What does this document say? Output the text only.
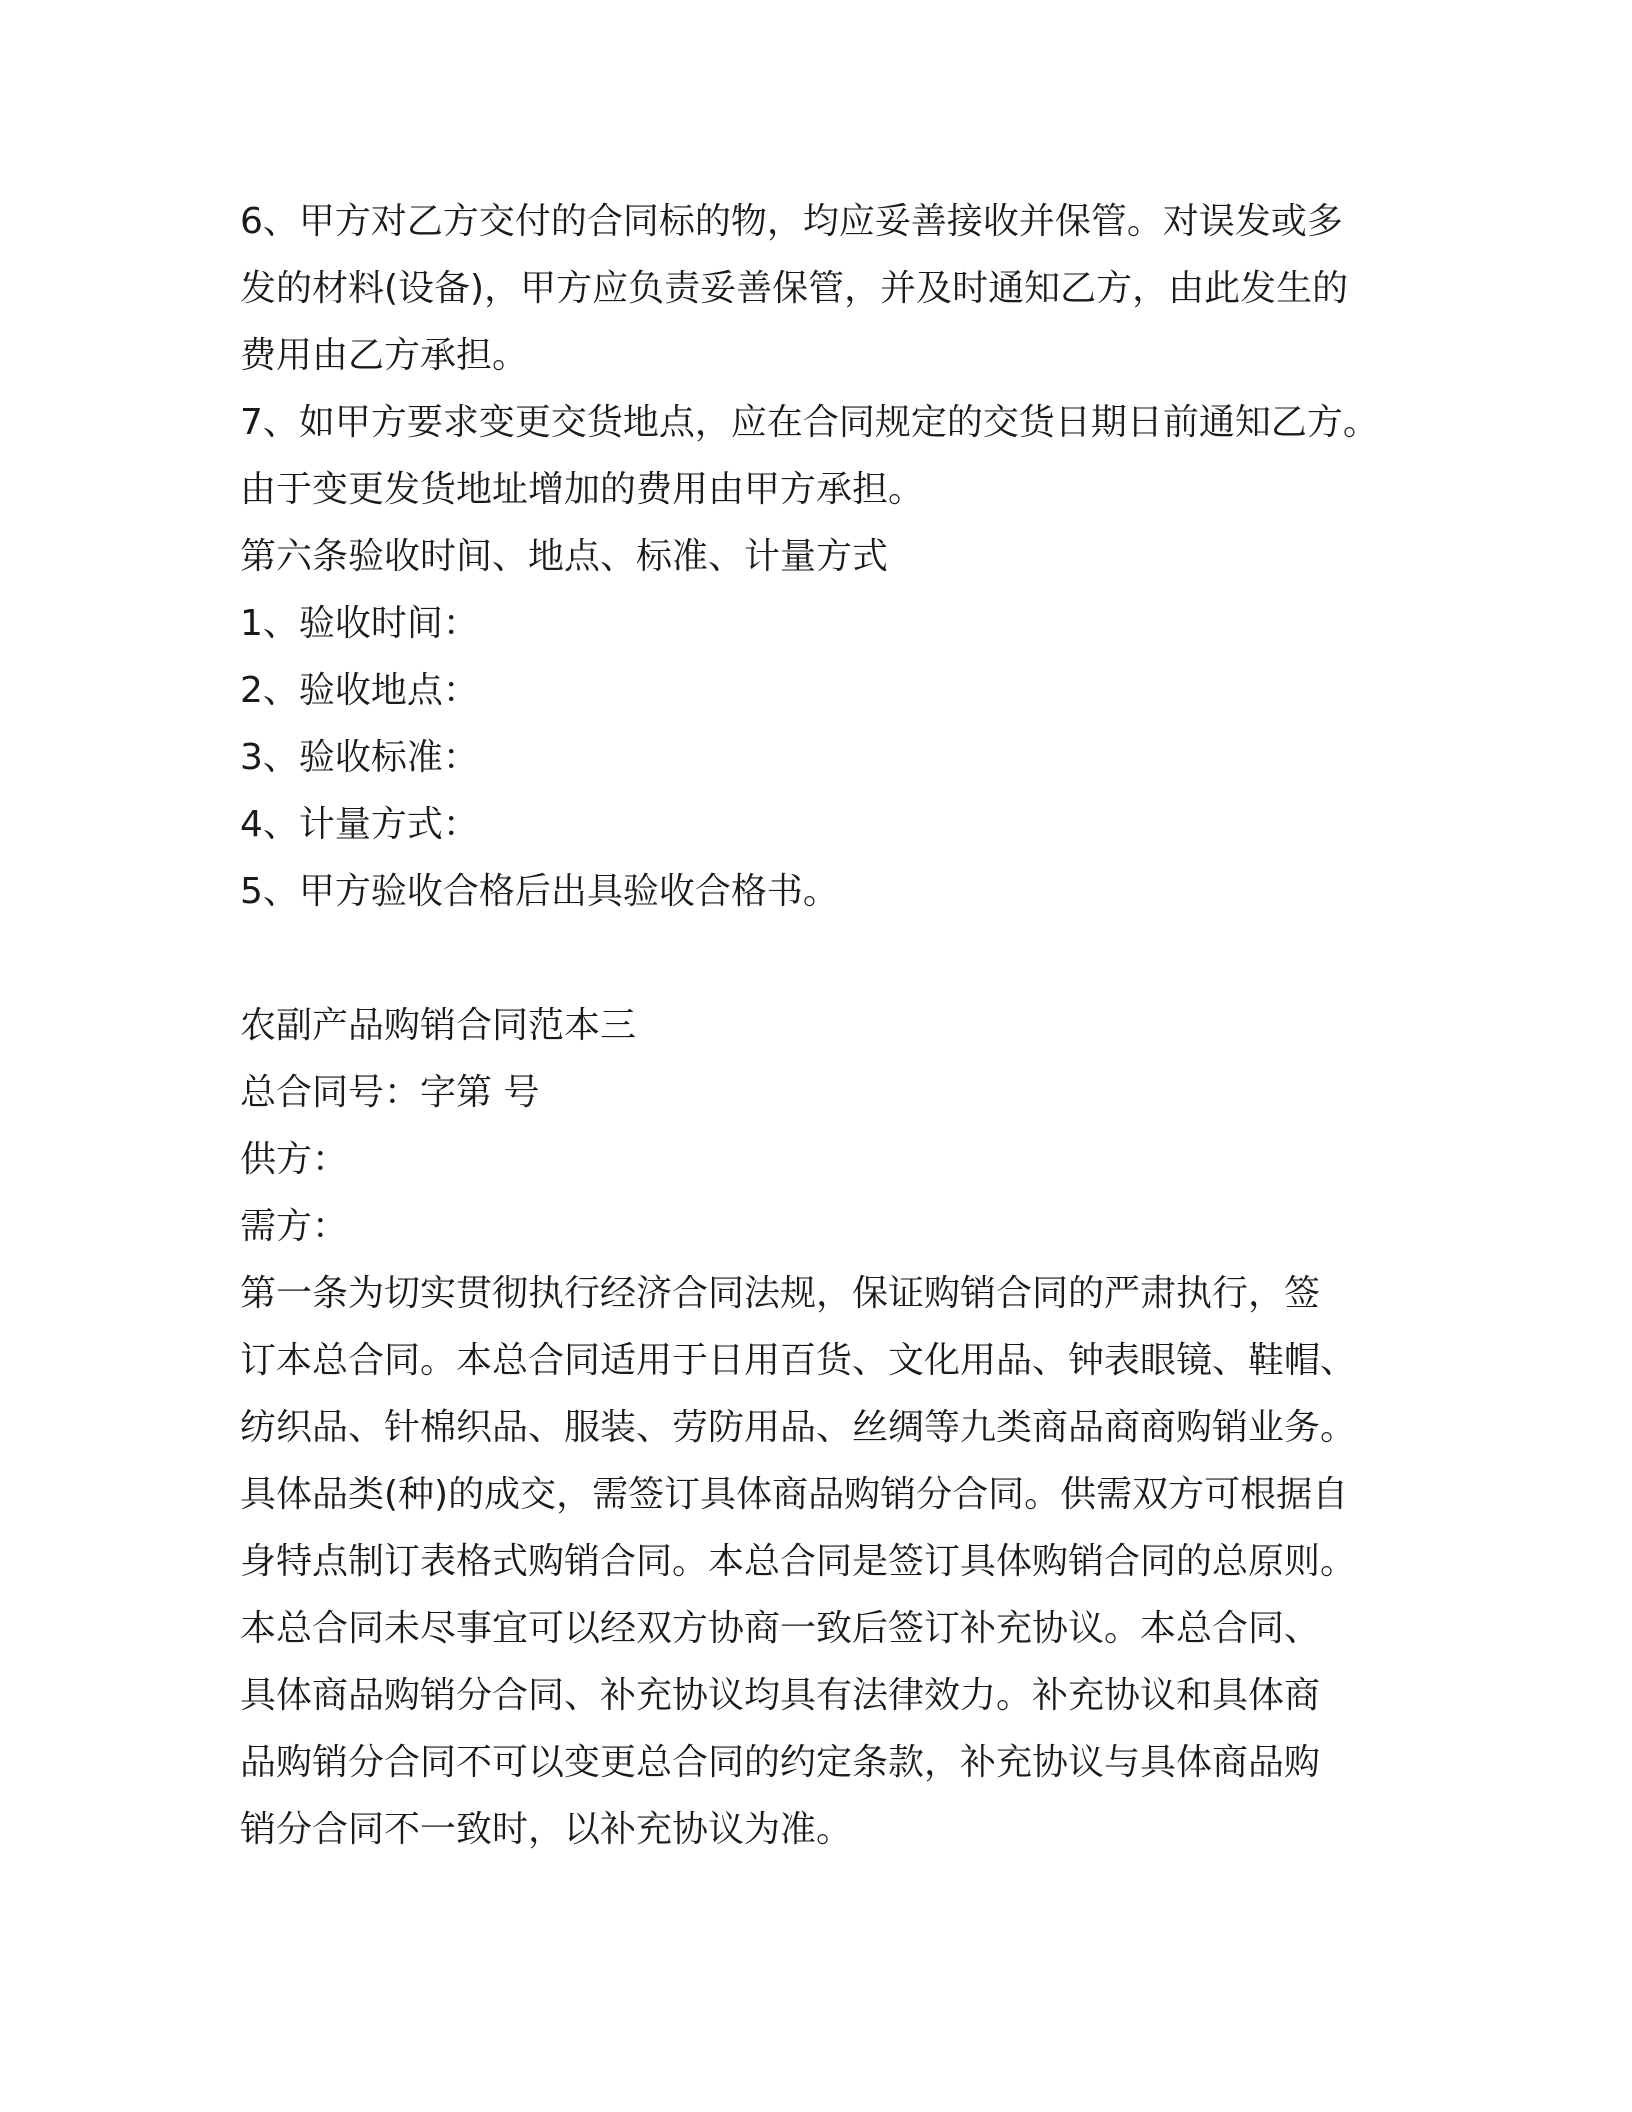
6、甲方对乙方交付的合同标的物，均应妥善接收并保管。对误发或多
发的材料(设备)，甲方应负责妥善保管，并及时通知乙方，由此发生的
费用由乙方承担。
7、如甲方要求变更交货地点，应在合同规定的交货日期日前通知乙方。
由于变更发货地址增加的费用由甲方承担。
第六条验收时间、地点、标准、计量方式
1、验收时间：
2、验收地点：
3、验收标准：
4、计量方式：
5、甲方验收合格后出具验收合格书。
农副产品购销合同范本三
总合同号：字第 号
供方：
需方：
第一条为切实贯彻执行经济合同法规，保证购销合同的严肃执行，签
订本总合同。本总合同适用于日用百货、文化用品、钟表眼镜、鞋帽、
纺织品、针棉织品、服装、劳防用品、丝绸等九类商品商商购销业务。
具体品类(种)的成交，需签订具体商品购销分合同。供需双方可根据自
身特点制订表格式购销合同。本总合同是签订具体购销合同的总原则。
本总合同未尽事宜可以经双方协商一致后签订补充协议。本总合同、
具体商品购销分合同、补充协议均具有法律效力。补充协议和具体商
品购销分合同不可以变更总合同的约定条款，补充协议与具体商品购
销分合同不一致时，以补充协议为准。
